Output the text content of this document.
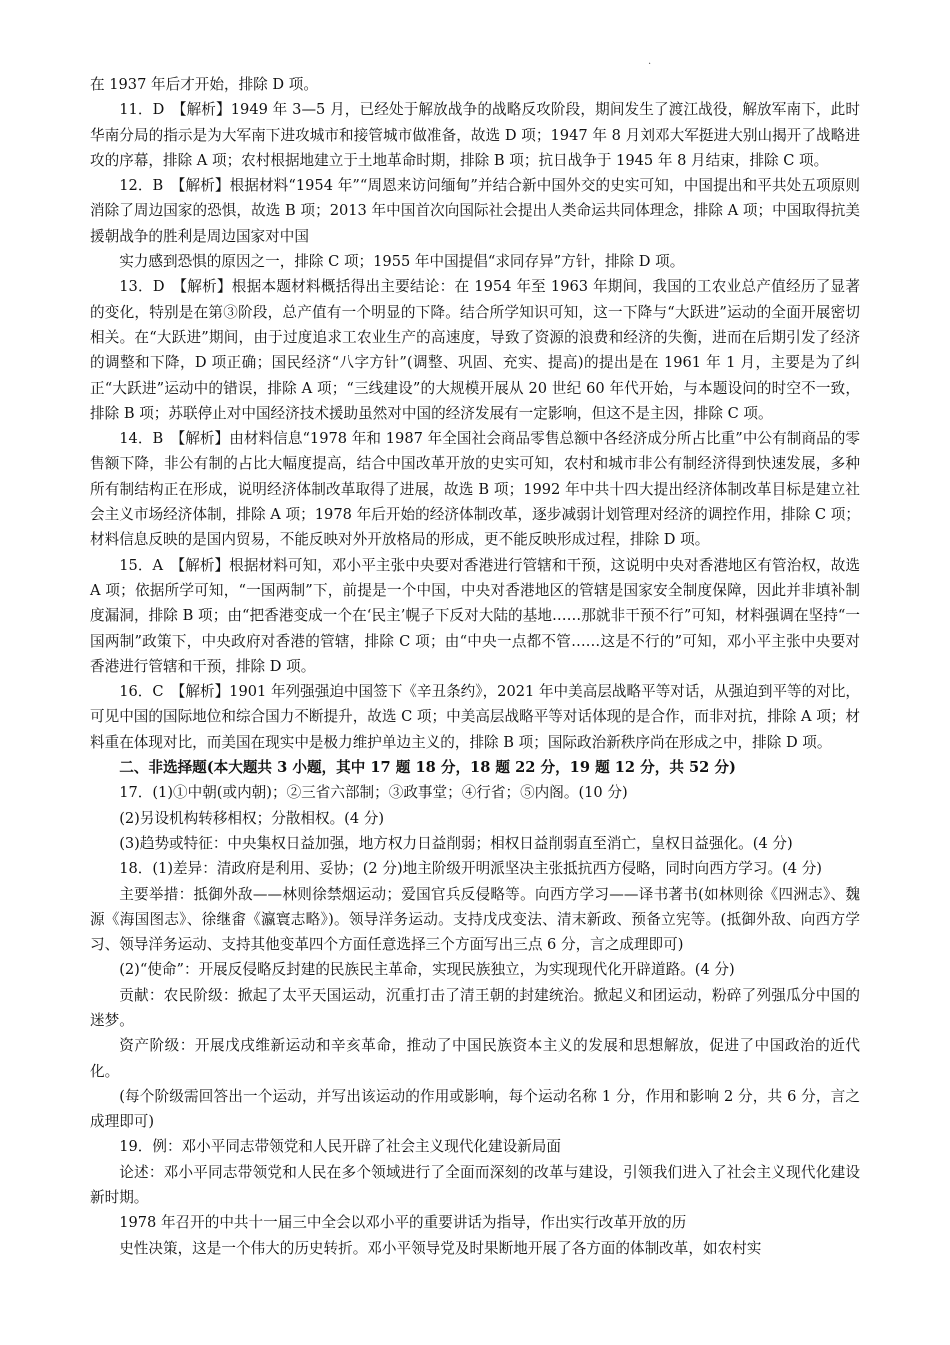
.

在 1937 年后才开始，排除 D 项。

11．D　【解析】1949 年 3—5 月，已经处于解放战争的战略反攻阶段，期间发生了渡江战役，解放军南下，此时华南分局的指示是为大军南下进攻城市和接管城市做准备，故选 D 项；1947 年 8 月刘邓大军挺进大别山揭开了战略进攻的序幕，排除 A 项；农村根据地建立于土地革命时期，排除 B 项；抗日战争于 1945 年 8 月结束，排除 C 项。

12．B　【解析】根据材料“1954 年”“周恩来访问缅甸”并结合新中国外交的史实可知，中国提出和平共处五项原则消除了周边国家的恐惧，故选 B 项；2013 年中国首次向国际社会提出人类命运共同体理念，排除 A 项；中国取得抗美援朝战争的胜利是周边国家对中国

实力感到恐惧的原因之一，排除 C 项；1955 年中国提倡“求同存异”方针，排除 D 项。

13．D　【解析】根据本题材料概括得出主要结论：在 1954 年至 1963 年期间，我国的工农业总产值经历了显著的变化，特别是在第③阶段，总产值有一个明显的下降。结合所学知识可知，这一下降与“大跃进”运动的全面开展密切相关。在“大跃进”期间，由于过度追求工农业生产的高速度，导致了资源的浪费和经济的失衡，进而在后期引发了经济的调整和下降，D 项正确；国民经济“八字方针”(调整、巩固、充实、提高)的提出是在 1961 年 1 月，主要是为了纠正“大跃进”运动中的错误，排除 A 项；“三线建设”的大规模开展从 20 世纪 60 年代开始，与本题设问的时空不一致，排除 B 项；苏联停止对中国经济技术援助虽然对中国的经济发展有一定影响，但这不是主因，排除 C 项。

14．B　【解析】由材料信息“1978 年和 1987 年全国社会商品零售总额中各经济成分所占比重”中公有制商品的零售额下降，非公有制的占比大幅度提高，结合中国改革开放的史实可知，农村和城市非公有制经济得到快速发展，多种所有制结构正在形成，说明经济体制改革取得了进展，故选 B 项；1992 年中共十四大提出经济体制改革目标是建立社会主义市场经济体制，排除 A 项；1978 年后开始的经济体制改革，逐步减弱计划管理对经济的调控作用，排除 C 项；材料信息反映的是国内贸易，不能反映对外开放格局的形成，更不能反映形成过程，排除 D 项。

15．A　【解析】根据材料可知，邓小平主张中央要对香港进行管辖和干预，这说明中央对香港地区有管治权，故选 A 项；依据所学可知，“一国两制”下，前提是一个中国，中央对香港地区的管辖是国家安全制度保障，因此并非填补制度漏洞，排除 B 项；由“把香港变成一个在‘民主’幌子下反对大陆的基地……那就非干预不行”可知，材料强调在坚持“一国两制”政策下，中央政府对香港的管辖，排除 C 项；由“中央一点都不管……这是不行的”可知，邓小平主张中央要对香港进行管辖和干预，排除 D 项。

16．C　【解析】1901 年列强强迫中国签下《辛丑条约》，2021 年中美高层战略平等对话，从强迫到平等的对比，可见中国的国际地位和综合国力不断提升，故选 C 项；中美高层战略平等对话体现的是合作，而非对抗，排除 A 项；材料重在体现对比，而美国在现实中是极力维护单边主义的，排除 B 项；国际政治新秩序尚在形成之中，排除 D 项。

二、非选择题(本大题共 3 小题，其中 17 题 18 分，18 题 22 分，19 题 12 分，共 52 分)

17．(1)①中朝(或内朝)；②三省六部制；③政事堂；④行省；⑤内阁。(10 分)

(2)另设机构转移相权；分散相权。(4 分)

(3)趋势或特征：中央集权日益加强，地方权力日益削弱；相权日益削弱直至消亡，皇权日益强化。(4 分)

18．(1)差异：清政府是利用、妥协；(2 分)地主阶级开明派坚决主张抵抗西方侵略，同时向西方学习。(4 分)

主要举措：抵御外敌——林则徐禁烟运动；爱国官兵反侵略等。向西方学习——译书著书(如林则徐《四洲志》、魏源《海国图志》、徐继畬《瀛寰志略》)。领导洋务运动。支持戊戌变法、清末新政、预备立宪等。(抵御外敌、向西方学习、领导洋务运动、支持其他变革四个方面任意选择三个方面写出三点 6 分，言之成理即可)

(2)“使命”：开展反侵略反封建的民族民主革命，实现民族独立，为实现现代化开辟道路。(4 分)

贡献：农民阶级：掀起了太平天国运动，沉重打击了清王朝的封建统治。掀起义和团运动，粉碎了列强瓜分中国的迷梦。

资产阶级：开展戊戌维新运动和辛亥革命，推动了中国民族资本主义的发展和思想解放，促进了中国政治的近代化。

(每个阶级需回答出一个运动，并写出该运动的作用或影响，每个运动名称 1 分，作用和影响 2 分，共 6 分，言之成理即可)

19．例：邓小平同志带领党和人民开辟了社会主义现代化建设新局面

论述：邓小平同志带领党和人民在多个领域进行了全面而深刻的改革与建设，引领我们进入了社会主义现代化建设新时期。

1978 年召开的中共十一届三中全会以邓小平的重要讲话为指导，作出实行改革开放的历

史性决策，这是一个伟大的历史转折。邓小平领导党及时果断地开展了各方面的体制改革，如农村实
